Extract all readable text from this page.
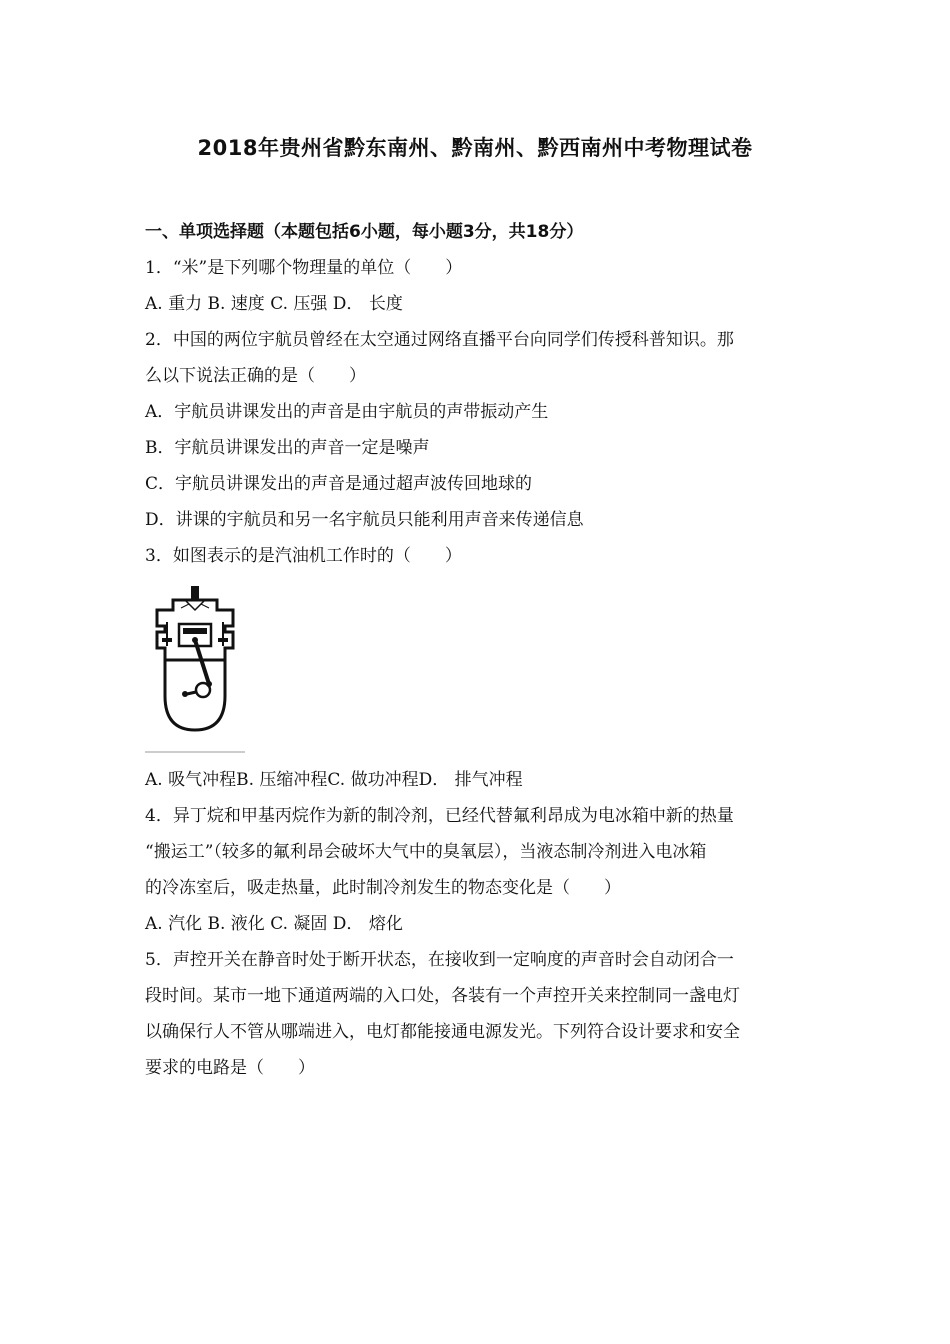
2018年贵州省黔东南州、黔南州、黔西南州中考物理试卷
一、单项选择题（本题包括6小题，每小题3分，共18分）
1．“米”是下列哪个物理量的单位（　　）
A. 重力 B. 速度 C. 压强 D． 长度
2．中国的两位宇航员曾经在太空通过网络直播平台向同学们传授科普知识。那
么以下说法正确的是（　　）
A．宇航员讲课发出的声音是由宇航员的声带振动产生
B．宇航员讲课发出的声音一定是噪声
C．宇航员讲课发出的声音是通过超声波传回地球的
D．讲课的宇航员和另一名宇航员只能利用声音来传递信息
3．如图表示的是汽油机工作时的（　　）
A. 吸气冲程B. 压缩冲程C. 做功冲程D． 排气冲程
4．异丁烷和甲基丙烷作为新的制冷剂，已经代替氟利昂成为电冰箱中新的热量
“搬运工”（较多的氟利昂会破坏大气中的臭氧层），当液态制冷剂进入电冰箱
的冷冻室后，吸走热量，此时制冷剂发生的物态变化是（　　）
A. 汽化 B. 液化 C. 凝固 D． 熔化
5．声控开关在静音时处于断开状态，在接收到一定响度的声音时会自动闭合一
段时间。某市一地下通道两端的入口处，各装有一个声控开关来控制同一盏电灯
以确保行人不管从哪端进入，电灯都能接通电源发光。下列符合设计要求和安全
要求的电路是（　　）
